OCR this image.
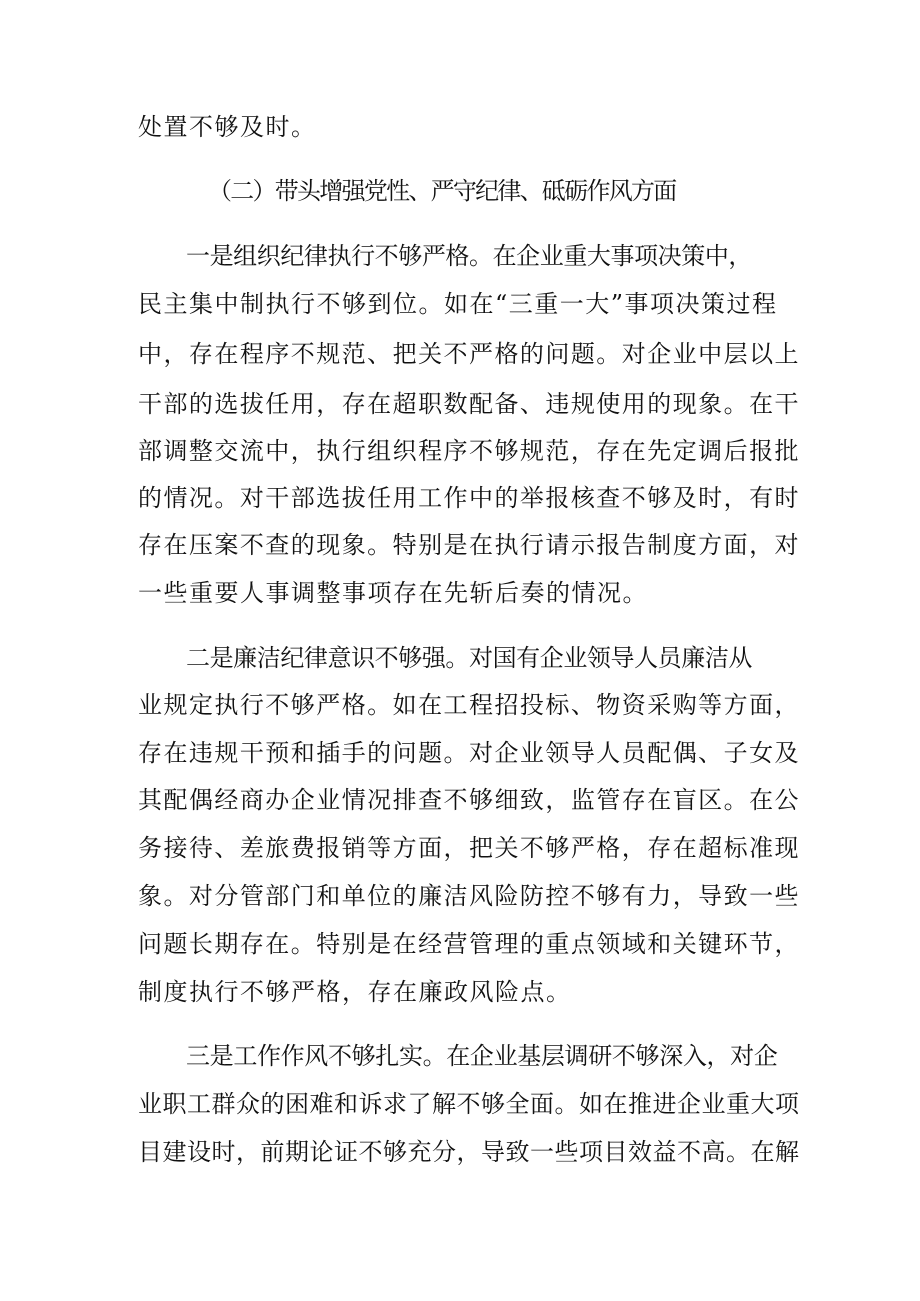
处置不够及时。
（二）带头增强党性、严守纪律、砥砺作风方面
一是组织纪律执行不够严格。在企业重大事项决策中，
民主集中制执行不够到位。如在“三重一大”事项决策过程
中，存在程序不规范、把关不严格的问题。对企业中层以上
干部的选拔任用，存在超职数配备、违规使用的现象。在干
部调整交流中，执行组织程序不够规范，存在先定调后报批
的情况。对干部选拔任用工作中的举报核查不够及时，有时
存在压案不查的现象。特别是在执行请示报告制度方面，对
一些重要人事调整事项存在先斩后奏的情况。
二是廉洁纪律意识不够强。对国有企业领导人员廉洁从
业规定执行不够严格。如在工程招投标、物资采购等方面，
存在违规干预和插手的问题。对企业领导人员配偶、子女及
其配偶经商办企业情况排查不够细致，监管存在盲区。在公
务接待、差旅费报销等方面，把关不够严格，存在超标准现
象。对分管部门和单位的廉洁风险防控不够有力，导致一些
问题长期存在。特别是在经营管理的重点领域和关键环节，
制度执行不够严格，存在廉政风险点。
三是工作作风不够扎实。在企业基层调研不够深入，对企
业职工群众的困难和诉求了解不够全面。如在推进企业重大项
目建设时，前期论证不够充分，导致一些项目效益不高。在解
